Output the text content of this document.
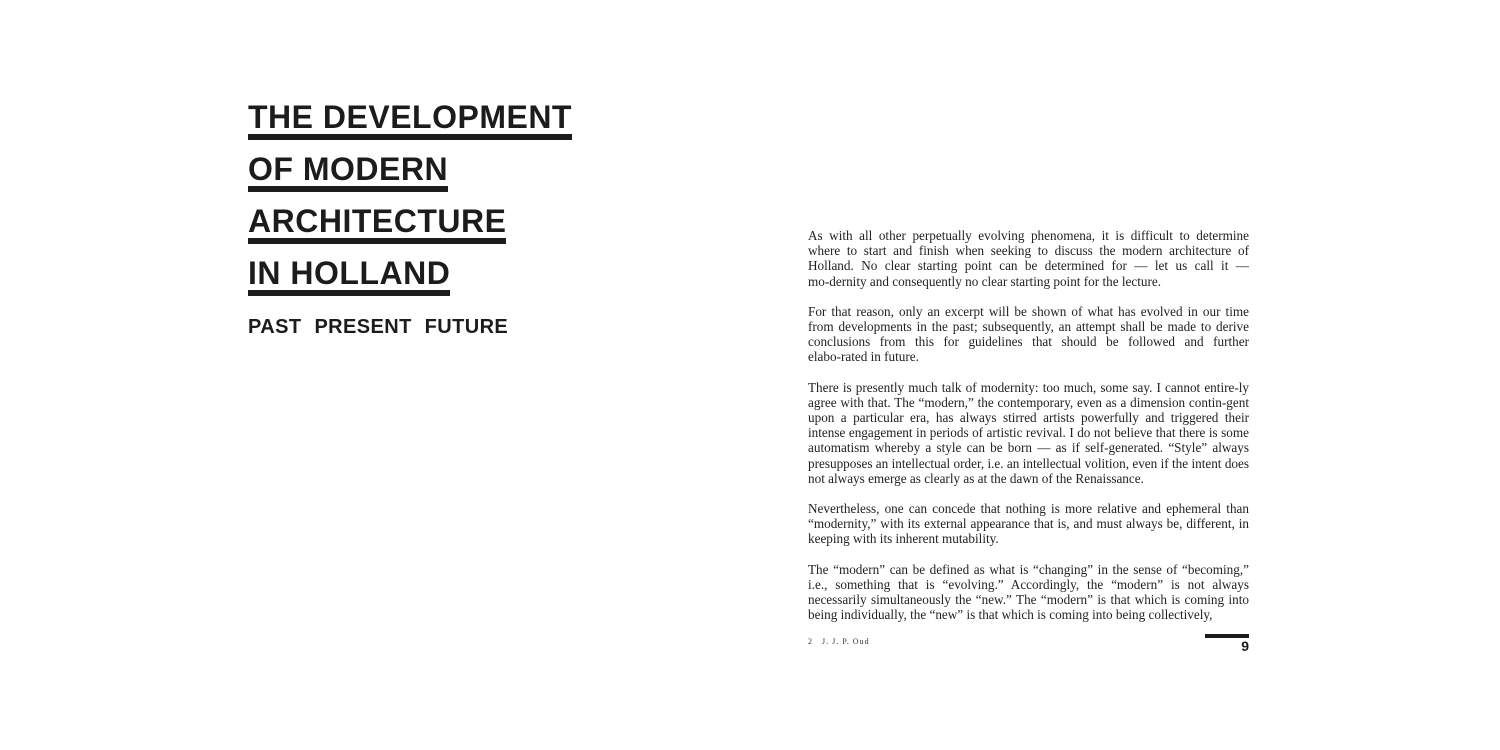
THE DEVELOPMENT
OF MODERN
ARCHITECTURE
IN HOLLAND
PAST PRESENT FUTURE

As with all other perpetually evolving phenomena, it is difficult to determine where to start and finish when seeking to discuss the modern architecture of Holland. No clear starting point can be determined for — let us call it — mo‑dernity and consequently no clear starting point for the lecture.

For that reason, only an excerpt will be shown of what has evolved in our time from developments in the past; subsequently, an attempt shall be made to derive conclusions from this for guidelines that should be followed and further elabo‑rated in future.

There is presently much talk of modernity: too much, some say. I cannot entire‑ly agree with that. The “modern,” the contemporary, even as a dimension contin‑gent upon a particular era, has always stirred artists powerfully and triggered their intense engagement in periods of artistic revival. I do not believe that there is some automatism whereby a style can be born — as if self‑generated. “Style” always presupposes an intellectual order, i.e. an intellectual volition, even if the intent does not always emerge as clearly as at the dawn of the Renaissance.

Nevertheless, one can concede that nothing is more relative and ephemeral than “modernity,” with its external appearance that is, and must always be, different, in keeping with its inherent mutability.

The “modern” can be defined as what is “changing” in the sense of “becoming,” i.e., something that is “evolving.” Accordingly, the “modern” is not always necessarily simultaneously the “new.” The “modern” is that which is coming into being individually, the “new” is that which is coming into being collectively,

2 J. J. P. Oud	9
